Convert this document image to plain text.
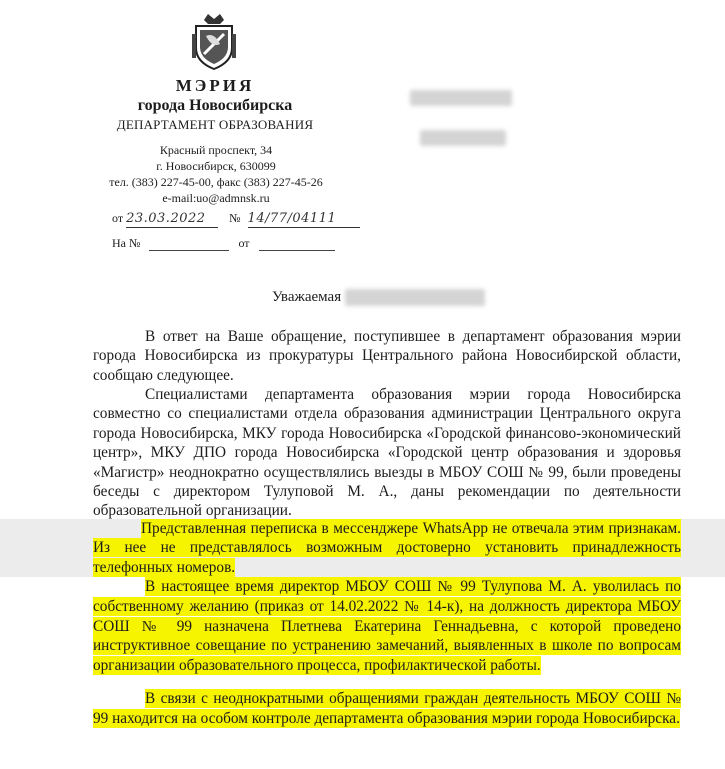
МЭРИЯ
города Новосибирска
ДЕПАРТАМЕНТ ОБРАЗОВАНИЯ
Красный проспект, 34
г. Новосибирск, 630099
тел. (383) 227-45-00, факс (383) 227-45-26
e-mail:uo@admnsk.ru
от 23.03.2022 № 14/77/04111
На №	от
Уважаемая
В ответ на Ваше обращение, поступившее в департамент образования мэрии города Новосибирска из прокуратуры Центрального района Новосибирской области, сообщаю следующее.
Специалистами департамента образования мэрии города Новосибирска совместно со специалистами отдела образования администрации Центрального округа города Новосибирска, МКУ города Новосибирска «Городской финансово-экономический центр», МКУ ДПО города Новосибирска «Городской центр образования и здоровья «Магистр» неоднократно осуществлялись выезды в МБОУ СОШ № 99, были проведены беседы с директором Тулуповой М. А., даны рекомендации по деятельности образовательной организации.
Представленная переписка в мессенджере WhatsApp не отвечала этим признакам. Из нее не представлялось возможным достоверно установить принадлежность телефонных номеров.
В настоящее время директор МБОУ СОШ № 99 Тулупова М. А. уволилась по собственному желанию (приказ от 14.02.2022 № 14-к), на должность директора МБОУ СОШ № 99 назначена Плетнева Екатерина Геннадьевна, с которой проведено инструктивное совещание по устранению замечаний, выявленных в школе по вопросам организации образовательного процесса, профилактической работы.
В связи с неоднократными обращениями граждан деятельность МБОУ СОШ № 99 находится на особом контроле департамента образования мэрии города Новосибирска.
